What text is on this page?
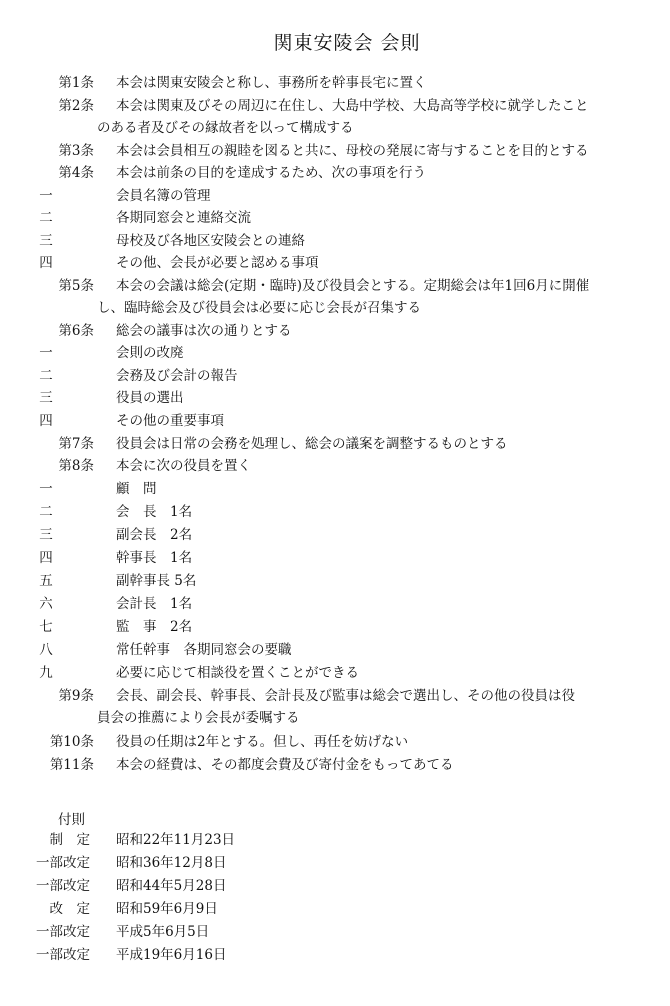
関東安陵会 会則
第1条 本会は関東安陵会と称し、事務所を幹事長宅に置く
第2条 本会は関東及びその周辺に在住し、大島中学校、大島高等学校に就学したこと
のある者及びその縁故者を以って構成する
第3条 本会は会員相互の親睦を図ると共に、母校の発展に寄与することを目的とする
第4条 本会は前条の目的を達成するため、次の事項を行う
一	会員名簿の管理
二	各期同窓会と連絡交流
三	母校及び各地区安陵会との連絡
四	その他、会長が必要と認める事項
第5条 本会の会議は総会(定期・臨時)及び役員会とする。定期総会は年1回6月に開催
し、臨時総会及び役員会は必要に応じ会長が召集する
第6条 総会の議事は次の通りとする
一	会則の改廃
二	会務及び会計の報告
三	役員の選出
四	その他の重要事項
第7条 役員会は日常の会務を処理し、総会の議案を調整するものとする
第8条 本会に次の役員を置く
一	顧　問
二	会　長　1名
三	副会長　2名
四	幹事長　1名
五	副幹事長 5名
六	会計長　1名
七	監　事　2名
八	常任幹事　各期同窓会の要職
九	必要に応じて相談役を置くことができる
第9条 会長、副会長、幹事長、会計長及び監事は総会で選出し、その他の役員は役
員会の推薦により会長が委嘱する
第10条 役員の任期は2年とする。但し、再任を妨げない
第11条 本会の経費は、その都度会費及び寄付金をもってあてる
付則
制　定 昭和22年11月23日
一部改定 昭和36年12月8日
一部改定 昭和44年5月28日
改　定 昭和59年6月9日
一部改定 平成5年6月5日
一部改定 平成19年6月16日
